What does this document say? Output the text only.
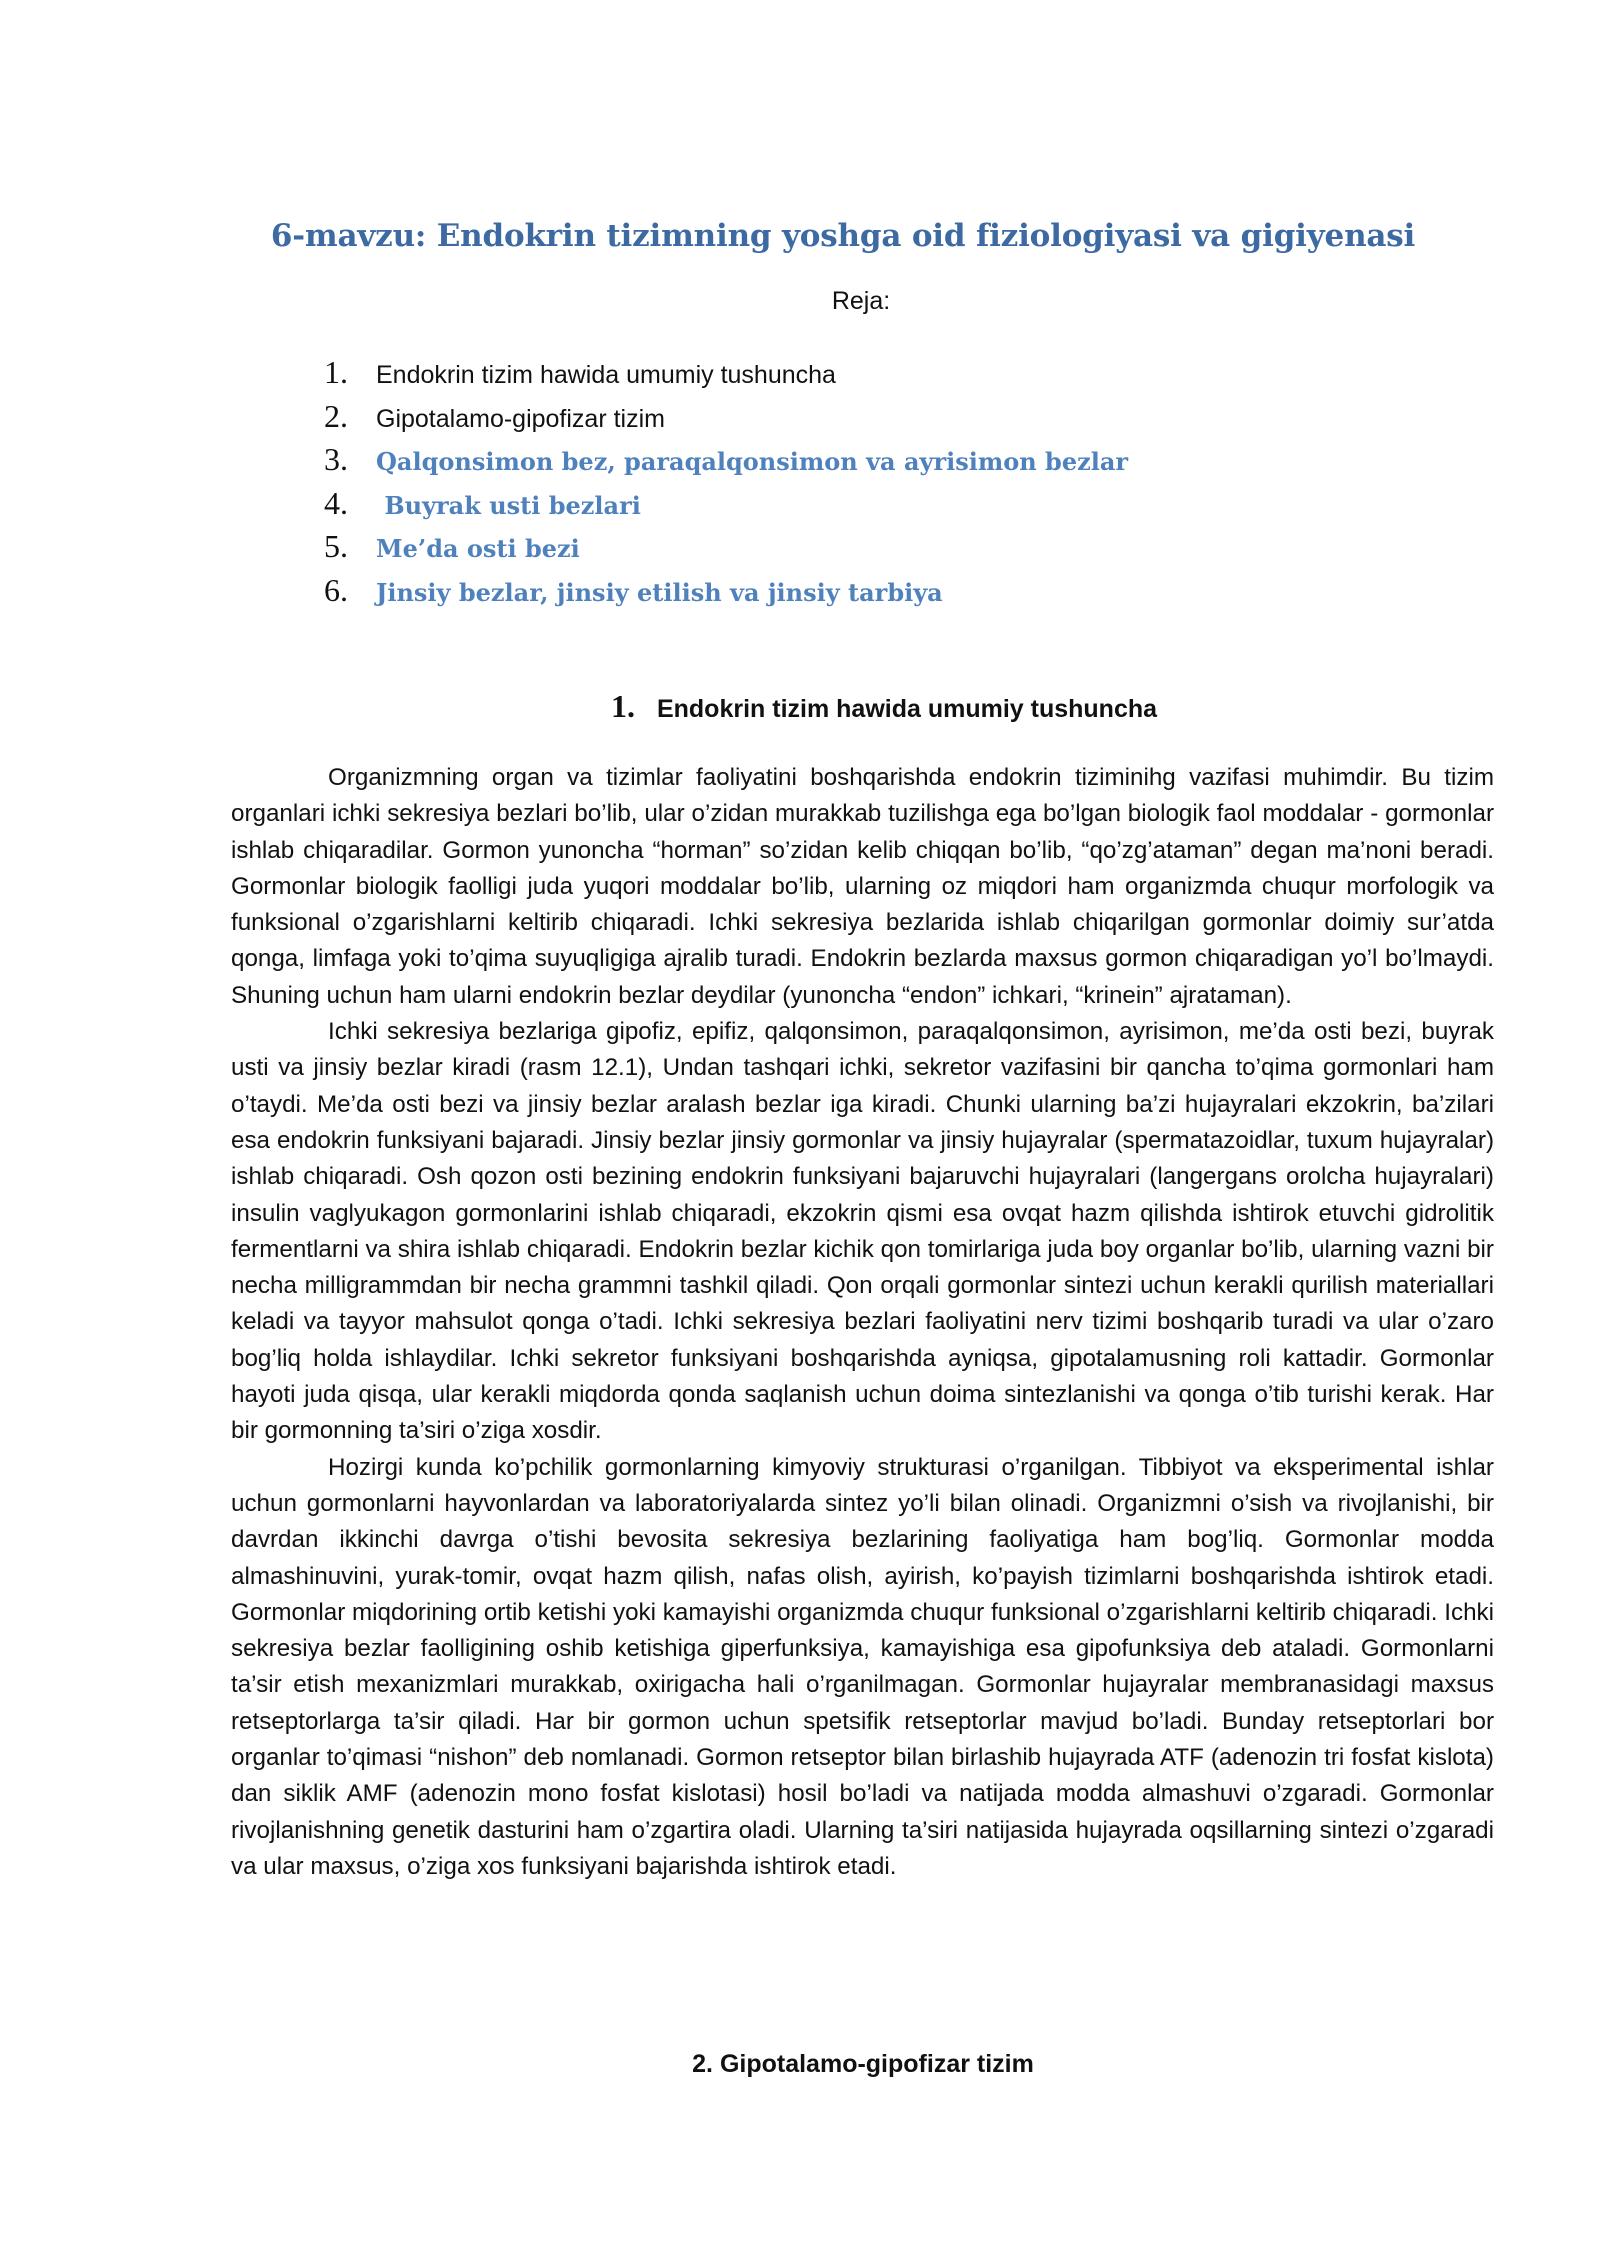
6-mavzu: Endokrin tizimning yoshga oid fiziologiyasi va gigiyenasi

Reja:

1.	Endokrin tizim hawida umumiy tushuncha
2.	Gipotalamo-gipofizar tizim
3.	Qalqonsimon bez, paraqalqonsimon va ayrisimon bezlar
4.	Buyrak usti bezlari
5.	Me’da osti bezi
6.	Jinsiy bezlar, jinsiy etilish va jinsiy tarbiya
1. Endokrin tizim hawida umumiy tushuncha

Organizmning organ va tizimlar faoliyatini boshqarishda endokrin tiziminihg vazifasi muhimdir. Bu tizim organlari ichki sekresiya bezlari bo’lib, ular o’zidan murakkab tuzilishga ega bo’lgan biologik faol moddalar - gormonlar ishlab chiqaradilar. Gormon yunoncha “horman” so’zidan kelib chiqqan bo’lib, “qo’zg’ataman” degan ma’noni beradi. Gormonlar biologik faolligi juda yuqori moddalar bo’lib, ularning oz miqdori ham organizmda chuqur morfologik va funksional o’zgarishlarni keltirib chiqaradi. Ichki sekresiya bezlarida ishlab chiqarilgan gormonlar doimiy sur’atda qonga, limfaga yoki to’qima suyuqligiga ajralib turadi. Endokrin bezlarda maxsus gormon chiqaradigan yo’l bo’lmaydi. Shuning uchun ham ularni endokrin bezlar deydilar (yunoncha “endon” ichkari, “krinein” ajrataman).

Ichki sekresiya bezlariga gipofiz, epifiz, qalqonsimon, paraqalqonsimon, ayrisimon, me’da osti bezi, buyrak usti va jinsiy bezlar kiradi (rasm 12.1), Undan tashqari ichki, sekretor vazifasini bir qancha to’qima gormonlari ham o’taydi. Me’da osti bezi va jinsiy bezlar aralash bezlar iga kiradi. Chunki ularning ba’zi hujayralari ekzokrin, ba’zilari esa endokrin funksiyani bajaradi. Jinsiy bezlar jinsiy gormonlar va jinsiy hujayralar (spermatazoidlar, tuxum hujayralar) ishlab chiqaradi. Osh qozon osti bezining endokrin funksiyani bajaruvchi hujayralari (langergans orolcha hujayralari) insulin vaglyukagon gormonlarini ishlab chiqaradi, ekzokrin qismi esa ovqat hazm qilishda ishtirok etuvchi gidrolitik fermentlarni va shira ishlab chiqaradi. Endokrin bezlar kichik qon tomirlariga juda boy organlar bo’lib, ularning vazni bir necha milligrammdan bir necha grammni tashkil qiladi. Qon orqali gormonlar sintezi uchun kerakli qurilish materiallari keladi va tayyor mahsulot qonga o’tadi. Ichki sekresiya bezlari faoliyatini nerv tizimi boshqarib turadi va ular o’zaro bog’liq holda ishlaydilar. Ichki sekretor funksiyani boshqarishda ayniqsa, gipotalamusning roli kattadir. Gormonlar hayoti juda qisqa, ular kerakli miqdorda qonda saqlanish uchun doima sintezlanishi va qonga o’tib turishi kerak. Har bir gormonning ta’siri o’ziga xosdir.

Hozirgi kunda ko’pchilik gormonlarning kimyoviy strukturasi o’rganilgan. Tibbiyot va eksperimental ishlar uchun gormonlarni hayvonlardan va laboratoriyalarda sintez yo’li bilan olinadi. Organizmni o’sish va rivojlanishi, bir davrdan ikkinchi davrga o’tishi bevosita sekresiya bezlarining faoliyatiga ham bog’liq. Gormonlar modda almashinuvini, yurak-tomir, ovqat hazm qilish, nafas olish, ayirish, ko’payish tizimlarni boshqarishda ishtirok etadi. Gormonlar miqdorining ortib ketishi yoki kamayishi organizmda chuqur funksional o’zgarishlarni keltirib chiqaradi. Ichki sekresiya bezlar faolligining oshib ketishiga giperfunksiya, kamayishiga esa gipofunksiya deb ataladi. Gormonlarni ta’sir etish mexanizmlari murakkab, oxirigacha hali o’rganilmagan. Gormonlar hujayralar membranasidagi maxsus retseptorlarga ta’sir qiladi. Har bir gormon uchun spetsifik retseptorlar mavjud bo’ladi. Bunday retseptorlari bor organlar to’qimasi “nishon” deb nomlanadi. Gormon retseptor bilan birlashib hujayrada ATF (adenozin tri fosfat kislota) dan siklik AMF (adenozin mono fosfat kislotasi) hosil bo’ladi va natijada modda almashuvi o’zgaradi. Gormonlar rivojlanishning genetik dasturini ham o’zgartira oladi. Ularning ta’siri natijasida hujayrada oqsillarning sintezi o’zgaradi va ular maxsus, o’ziga xos funksiyani bajarishda ishtirok etadi.

2. Gipotalamo-gipofizar tizim
